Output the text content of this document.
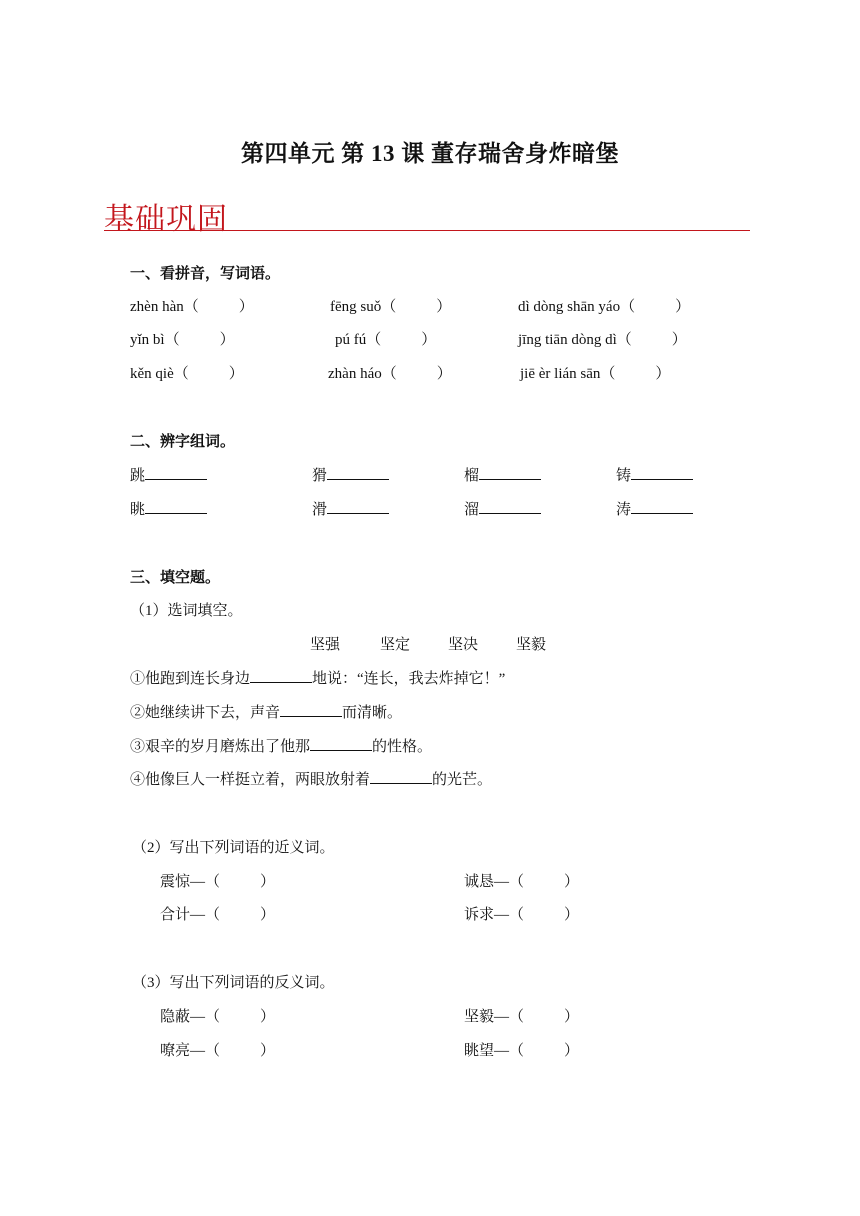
第四单元 第 13 课 董存瑞舍身炸暗堡
基础巩固
一、看拼音，写词语。
zhèn hàn（	）	fēng suǒ（	）	dì dòng shān yáo（	）
yǐn bì（	）	pú fú（	）	jīng tiān dòng dì（	）
kěn qiè（	）	zhàn háo（	）	jiē èr lián sān（	）
二、辨字组词。
跳	猾	榴	铸
眺	滑	溜	涛
三、填空题。
（1）选词填空。
坚强	坚定	坚决	坚毅
①他跑到连长身边	地说：“连长，我去炸掉它！”
②她继续讲下去，声音	而清晰。
③艰辛的岁月磨炼出了他那	的性格。
④他像巨人一样挺立着，两眼放射着	的光芒。
（2）写出下列词语的近义词。
震惊—（	）	诚恳—（	）
合计—（	）	诉求—（	）
（3）写出下列词语的反义词。
隐蔽—（	）	坚毅—（	）
嘹亮—（	）	眺望—（	）
